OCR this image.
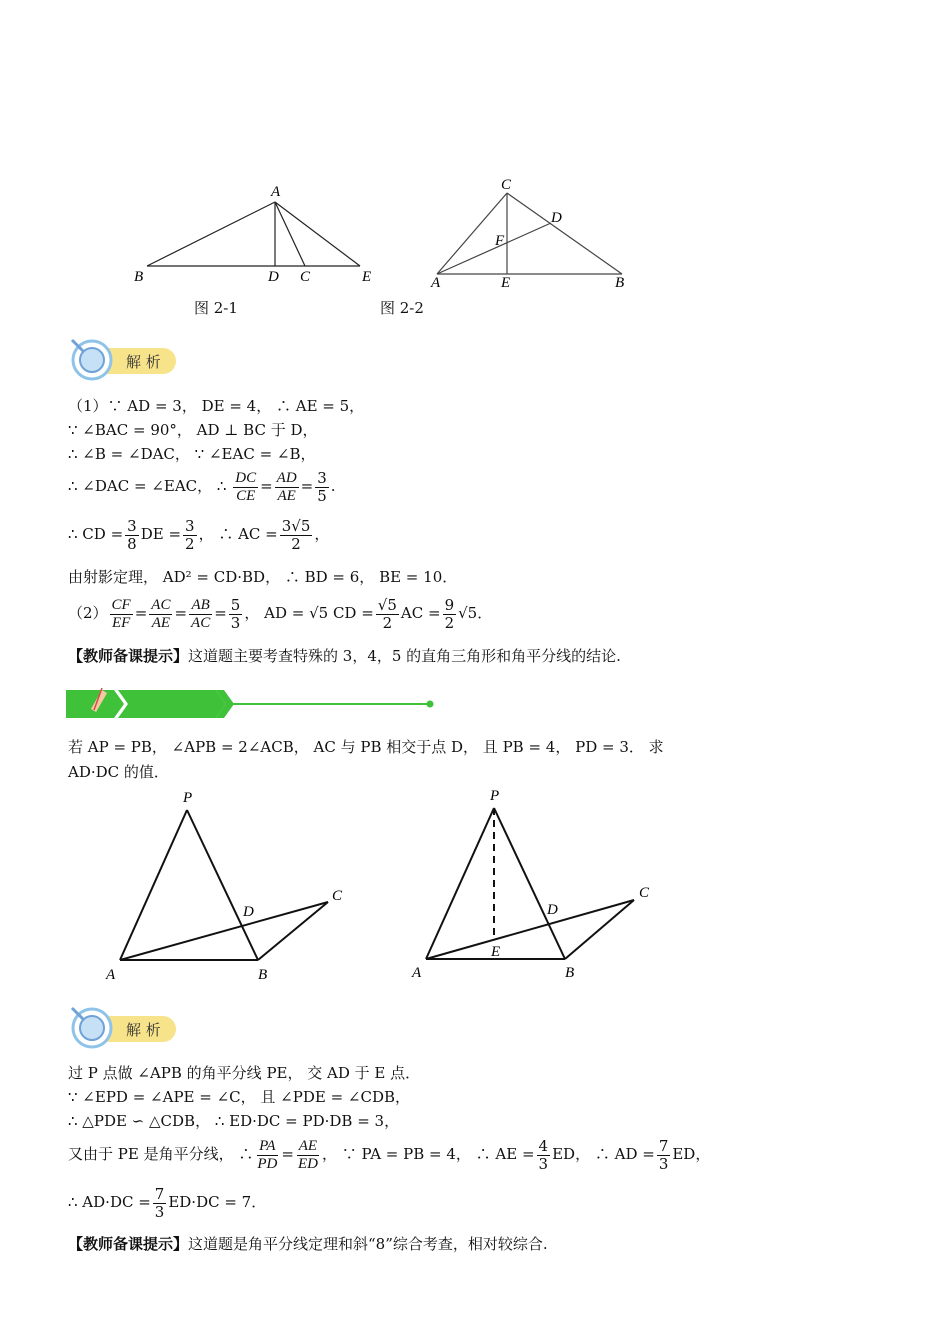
A
B	D C	E
图 2-1
C
D
F
A	E	B
图 2-2
解 析
（1）∵ AD = 3， DE = 4， ∴ AE = 5，
∵ ∠BAC = 90°， AD ⊥ BC 于 D，
∴ ∠B = ∠DAC， ∵ ∠EAC = ∠B，
∴ ∠DAC = ∠EAC， ∴ $\frac{DC}{CE} = \frac{AD}{AE} = \frac{3}{5}$ .
∴ CD = $\frac{3}{8}$ DE = $\frac{3}{2}$ ， ∴ AC = $\frac{3√5}{2}$ ，
由射影定理， AD² = CD·BD， ∴ BD = 6， BE = 10．
$(2) \frac{CF}{EF} = \frac{AC}{AE} = \frac{AB}{AC} = \frac{5}{3}$ ， AD = √5 CD = $\frac{√5}{2}$ AC = $\frac{9}{2} √5$．
【教师备课提示】这道题主要考查特殊的 3，4，5 的直角三角形和角平分线的结论.
若 AP = PB， ∠APB = 2∠ACB， AC 与 PB 相交于点 D， 且 PB = 4， PD = 3． 求
AD·DC 的值．
P
D
C
A	B
P
D
C
E
A	B
解 析
过 P 点做 ∠APB 的角平分线 PE， 交 AD 于 E 点．
∵ ∠EPD = ∠APE = ∠C， 且 ∠PDE = ∠CDB，
∴ △PDE ∽ △CDB， ∴ ED·DC = PD·DB = 3，
又由于 PE 是角平分线， ∴ $\frac{PA}{PD} = \frac{AE}{ED}$ ， ∵ PA = PB = 4， ∴ AE = $\frac{4}{3}$ ED， ∴ AD = $\frac{7}{3}$ ED，
∴ $AD\cdot DC = \frac{7}{3} ED\cdot DC = 7$．
【教师备课提示】这道题是角平分线定理和斜“8”综合考查，相对较综合.
